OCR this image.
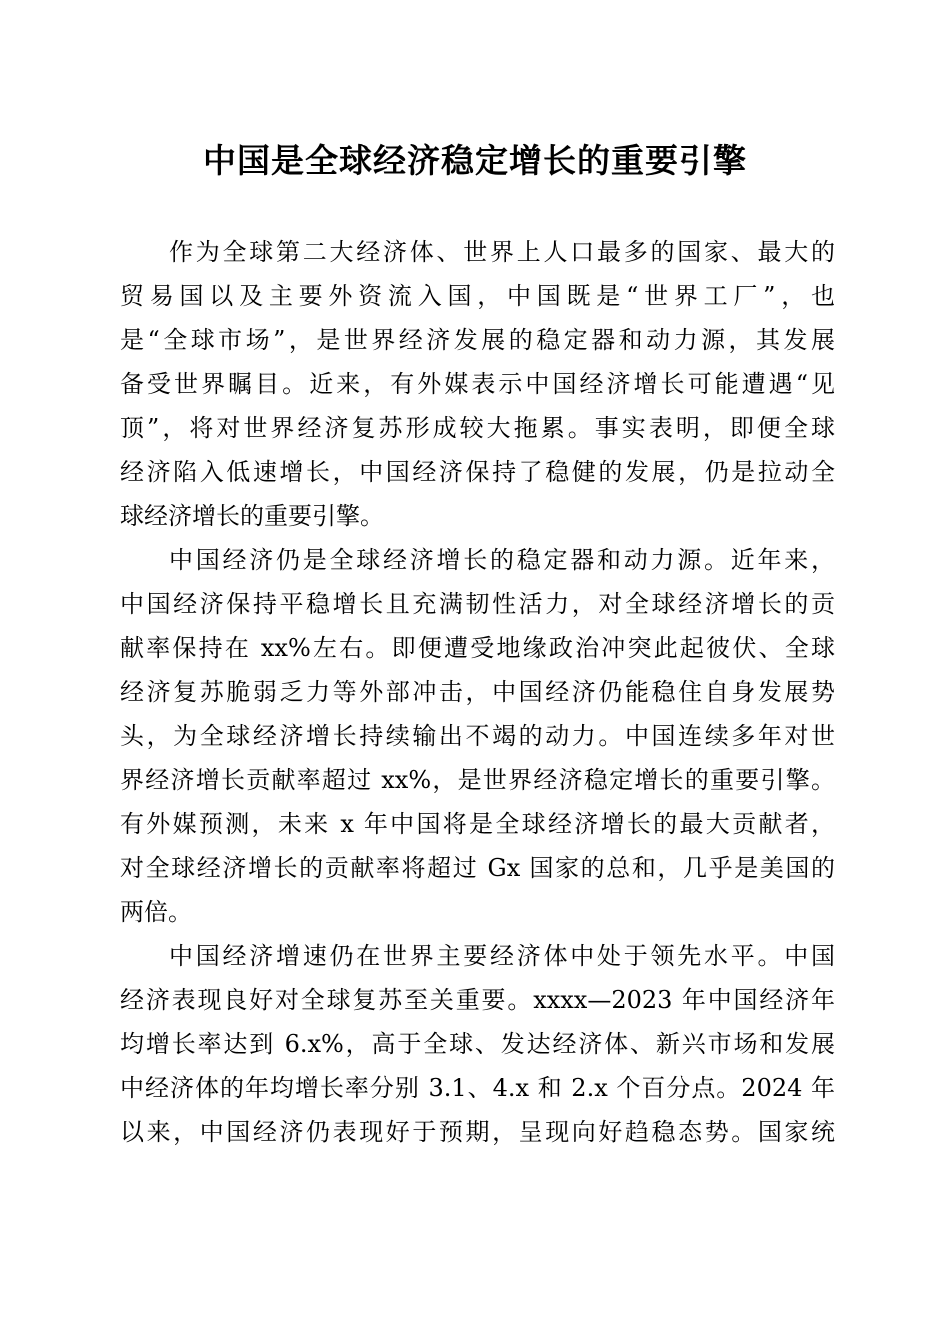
中国是全球经济稳定增长的重要引擎
作为全球第二大经济体、世界上人口最多的国家、最大的
贸易国以及主要外资流入国，中国既是“世界工厂”，也
是“全球市场”，是世界经济发展的稳定器和动力源，其发展
备受世界瞩目。近来，有外媒表示中国经济增长可能遭遇“见
顶”，将对世界经济复苏形成较大拖累。事实表明，即便全球
经济陷入低速增长，中国经济保持了稳健的发展，仍是拉动全
球经济增长的重要引擎。
中国经济仍是全球经济增长的稳定器和动力源。近年来，
中国经济保持平稳增长且充满韧性活力，对全球经济增长的贡
献率保持在 xx%左右。即便遭受地缘政治冲突此起彼伏、全球
经济复苏脆弱乏力等外部冲击，中国经济仍能稳住自身发展势
头，为全球经济增长持续输出不竭的动力。中国连续多年对世
界经济增长贡献率超过 xx%，是世界经济稳定增长的重要引擎。
有外媒预测，未来 x 年中国将是全球经济增长的最大贡献者，
对全球经济增长的贡献率将超过 Gx 国家的总和，几乎是美国的
两倍。
中国经济增速仍在世界主要经济体中处于领先水平。中国
经济表现良好对全球复苏至关重要。xxxx—2023 年中国经济年
均增长率达到 6.x%，高于全球、发达经济体、新兴市场和发展
中经济体的年均增长率分别 3.1、4.x 和 2.x 个百分点。2024 年
以来，中国经济仍表现好于预期，呈现向好趋稳态势。国家统
